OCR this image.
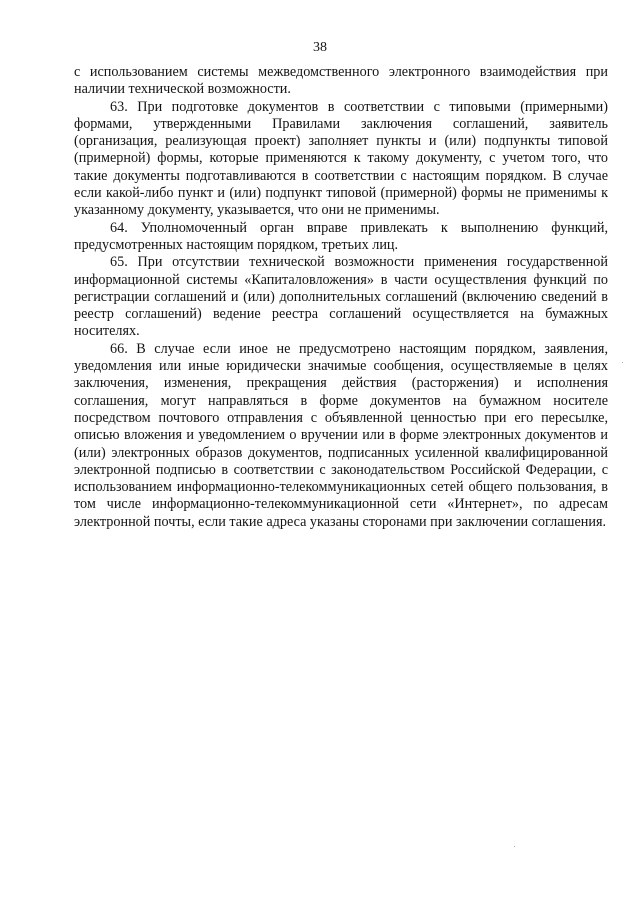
38

с использованием системы межведомственного электронного взаимодействия при наличии технической возможности.

63. При подготовке документов в соответствии с типовыми (примерными) формами, утвержденными Правилами заключения соглашений, заявитель (организация, реализующая проект) заполняет пункты и (или) подпункты типовой (примерной) формы, которые применяются к такому документу, с учетом того, что такие документы подготавливаются в соответствии с настоящим порядком. В случае если какой-либо пункт и (или) подпункт типовой (примерной) формы не применимы к указанному документу, указывается, что они не применимы.

64. Уполномоченный орган вправе привлекать к выполнению функций, предусмотренных настоящим порядком, третьих лиц.

65. При отсутствии технической возможности применения государственной информационной системы «Капиталовложения» в части осуществления функций по регистрации соглашений и (или) дополнительных соглашений (включению сведений в реестр соглашений) ведение реестра соглашений осуществляется на бумажных носителях.

66. В случае если иное не предусмотрено настоящим порядком, заявления, уведомления или иные юридически значимые сообщения, осуществляемые в целях заключения, изменения, прекращения действия (расторжения) и исполнения соглашения, могут направляться в форме документов на бумажном носителе посредством почтового отправления с объявленной ценностью при его пересылке, описью вложения и уведомлением о вручении или в форме электронных документов и (или) электронных образов документов, подписанных усиленной квалифицированной электронной подписью в соответствии с законодательством Российской Федерации, с использованием информационно-телекоммуникационных сетей общего пользования, в том числе информационно-телекоммуникационной сети «Интернет», по адресам электронной почты, если такие адреса указаны сторонами при заключении соглашения.
